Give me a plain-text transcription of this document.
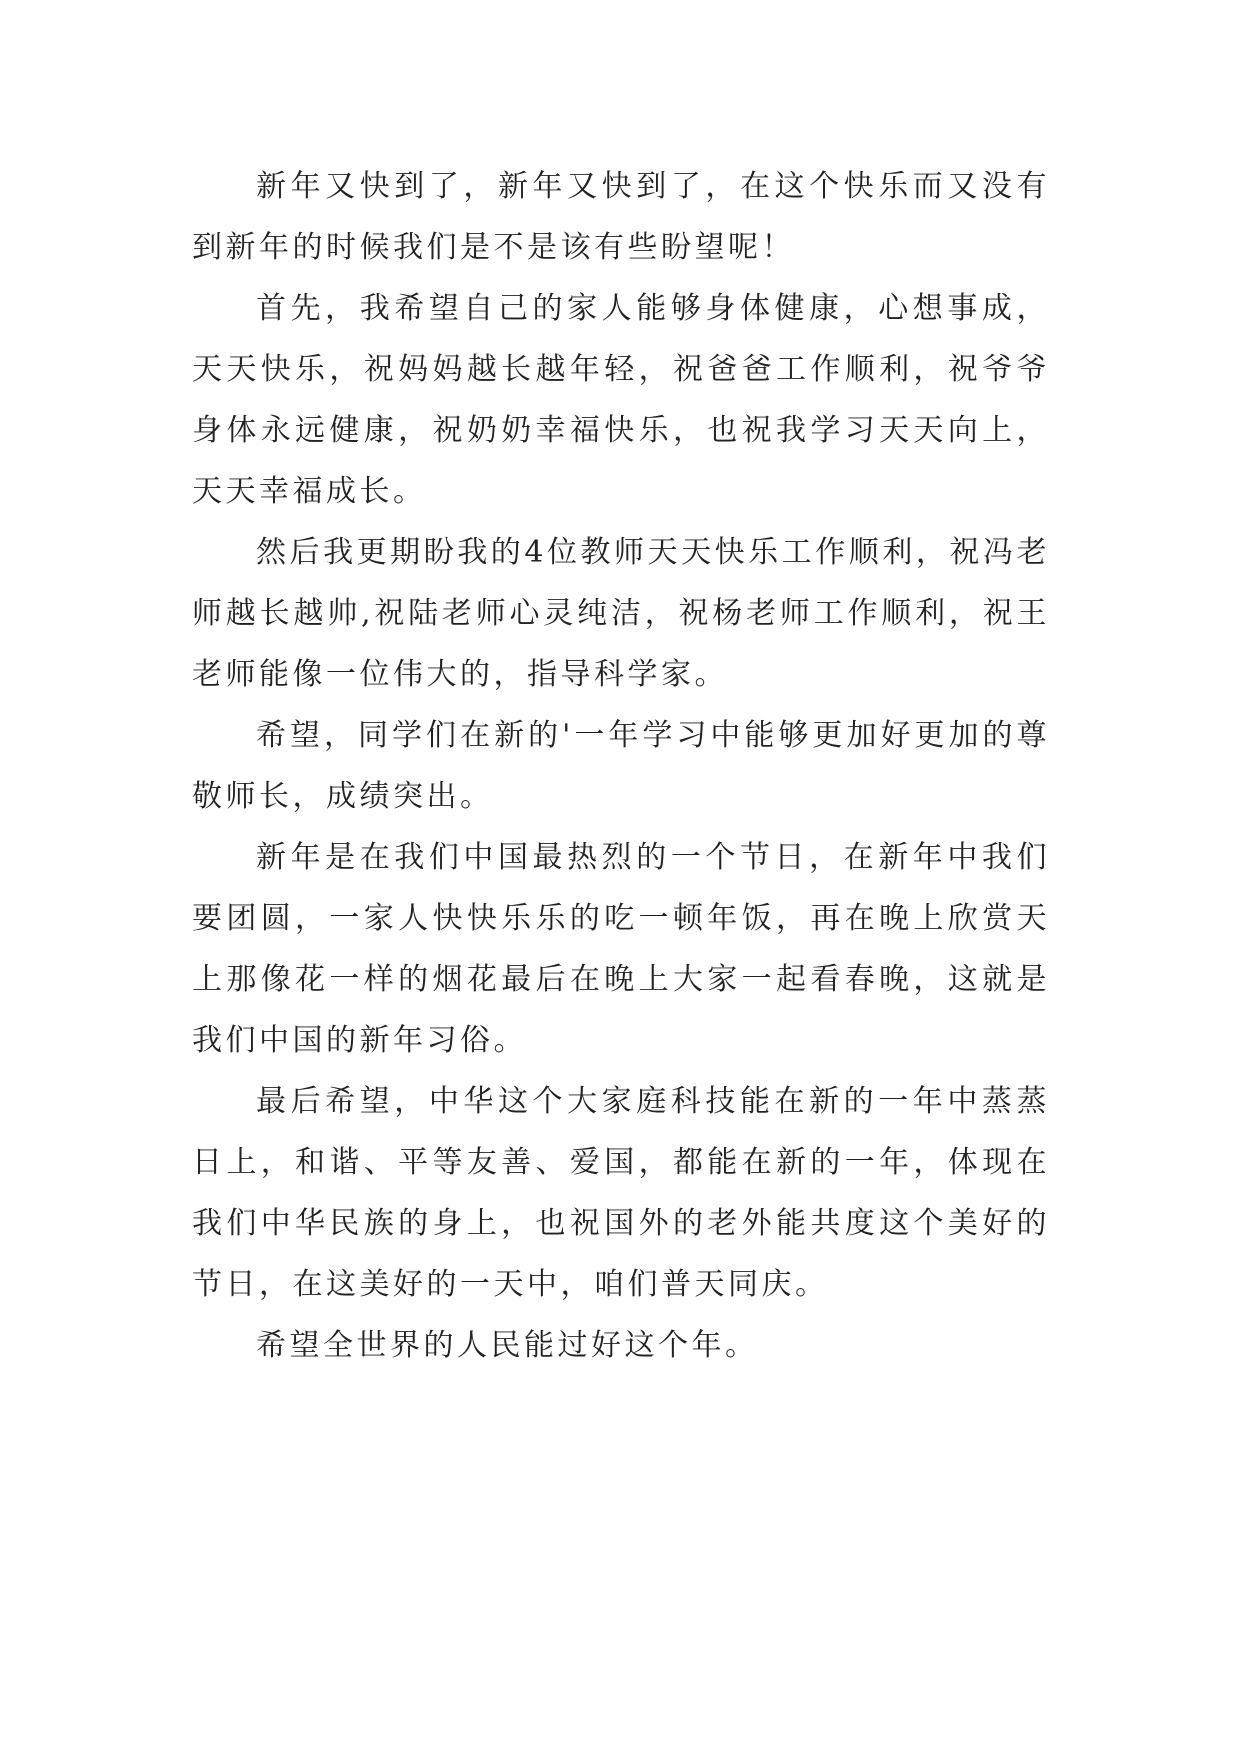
新年又快到了，新年又快到了，在这个快乐而又没有到新年的时候我们是不是该有些盼望呢！

首先，我希望自己的家人能够身体健康，心想事成，天天快乐，祝妈妈越长越年轻，祝爸爸工作顺利，祝爷爷身体永远健康，祝奶奶幸福快乐，也祝我学习天天向上，天天幸福成长。

然后我更期盼我的4位教师天天快乐工作顺利，祝冯老师越长越帅,祝陆老师心灵纯洁，祝杨老师工作顺利，祝王老师能像一位伟大的，指导科学家。

希望，同学们在新的'一年学习中能够更加好更加的尊敬师长，成绩突出。

新年是在我们中国最热烈的一个节日，在新年中我们要团圆，一家人快快乐乐的吃一顿年饭，再在晚上欣赏天上那像花一样的烟花最后在晚上大家一起看春晚，这就是我们中国的新年习俗。

最后希望，中华这个大家庭科技能在新的一年中蒸蒸日上，和谐、平等友善、爱国，都能在新的一年，体现在我们中华民族的身上，也祝国外的老外能共度这个美好的节日，在这美好的一天中，咱们普天同庆。

希望全世界的人民能过好这个年。
